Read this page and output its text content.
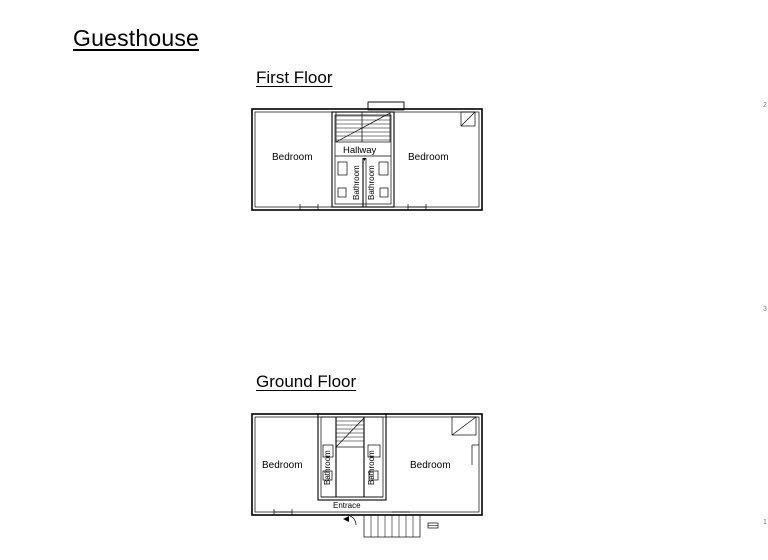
Guesthouse
First Floor
Bedroom	Bedroom
Hallway
Bathroom Bathroom
Ground Floor
Entrace
Bedroom	Bedroom
Bathroom	Bathroom
2
3
1
